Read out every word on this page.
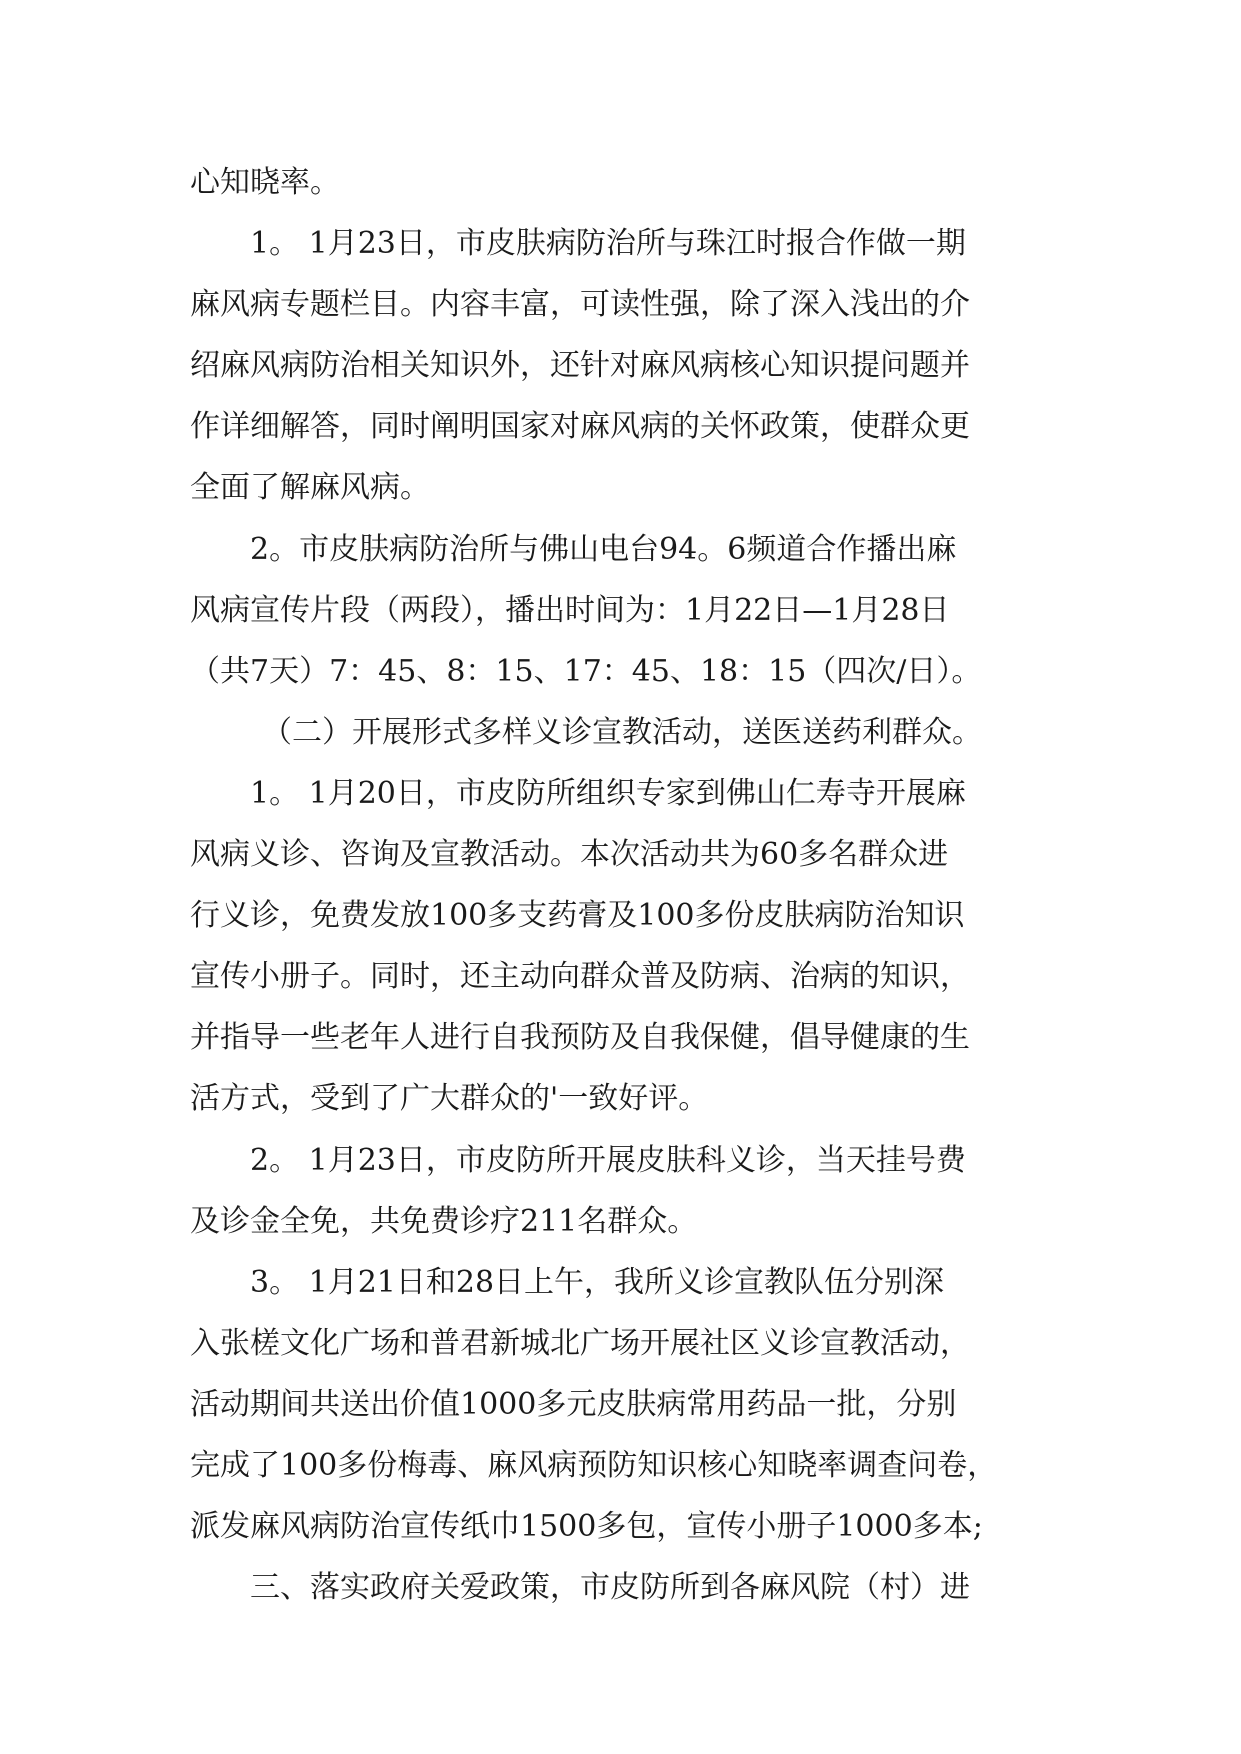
心知晓率。
1。 1月23日，市皮肤病防治所与珠江时报合作做一期
麻风病专题栏目。内容丰富，可读性强，除了深入浅出的介
绍麻风病防治相关知识外，还针对麻风病核心知识提问题并
作详细解答，同时阐明国家对麻风病的关怀政策，使群众更
全面了解麻风病。
2。市皮肤病防治所与佛山电台94。6频道合作播出麻
风病宣传片段（两段），播出时间为：1月22日—1月28日
（共7天）7：45、8：15、17：45、18：15（四次/日）。
（二）开展形式多样义诊宣教活动，送医送药利群众。
1。 1月20日，市皮防所组织专家到佛山仁寿寺开展麻
风病义诊、咨询及宣教活动。本次活动共为60多名群众进
行义诊，免费发放100多支药膏及100多份皮肤病防治知识
宣传小册子。同时，还主动向群众普及防病、治病的知识，
并指导一些老年人进行自我预防及自我保健，倡导健康的生
活方式，受到了广大群众的'一致好评。
2。 1月23日，市皮防所开展皮肤科义诊，当天挂号费
及诊金全免，共免费诊疗211名群众。
3。 1月21日和28日上午，我所义诊宣教队伍分别深
入张槎文化广场和普君新城北广场开展社区义诊宣教活动，
活动期间共送出价值1000多元皮肤病常用药品一批，分别
完成了100多份梅毒、麻风病预防知识核心知晓率调查问卷，
派发麻风病防治宣传纸巾1500多包，宣传小册子1000多本;
三、落实政府关爱政策，市皮防所到各麻风院（村）进
